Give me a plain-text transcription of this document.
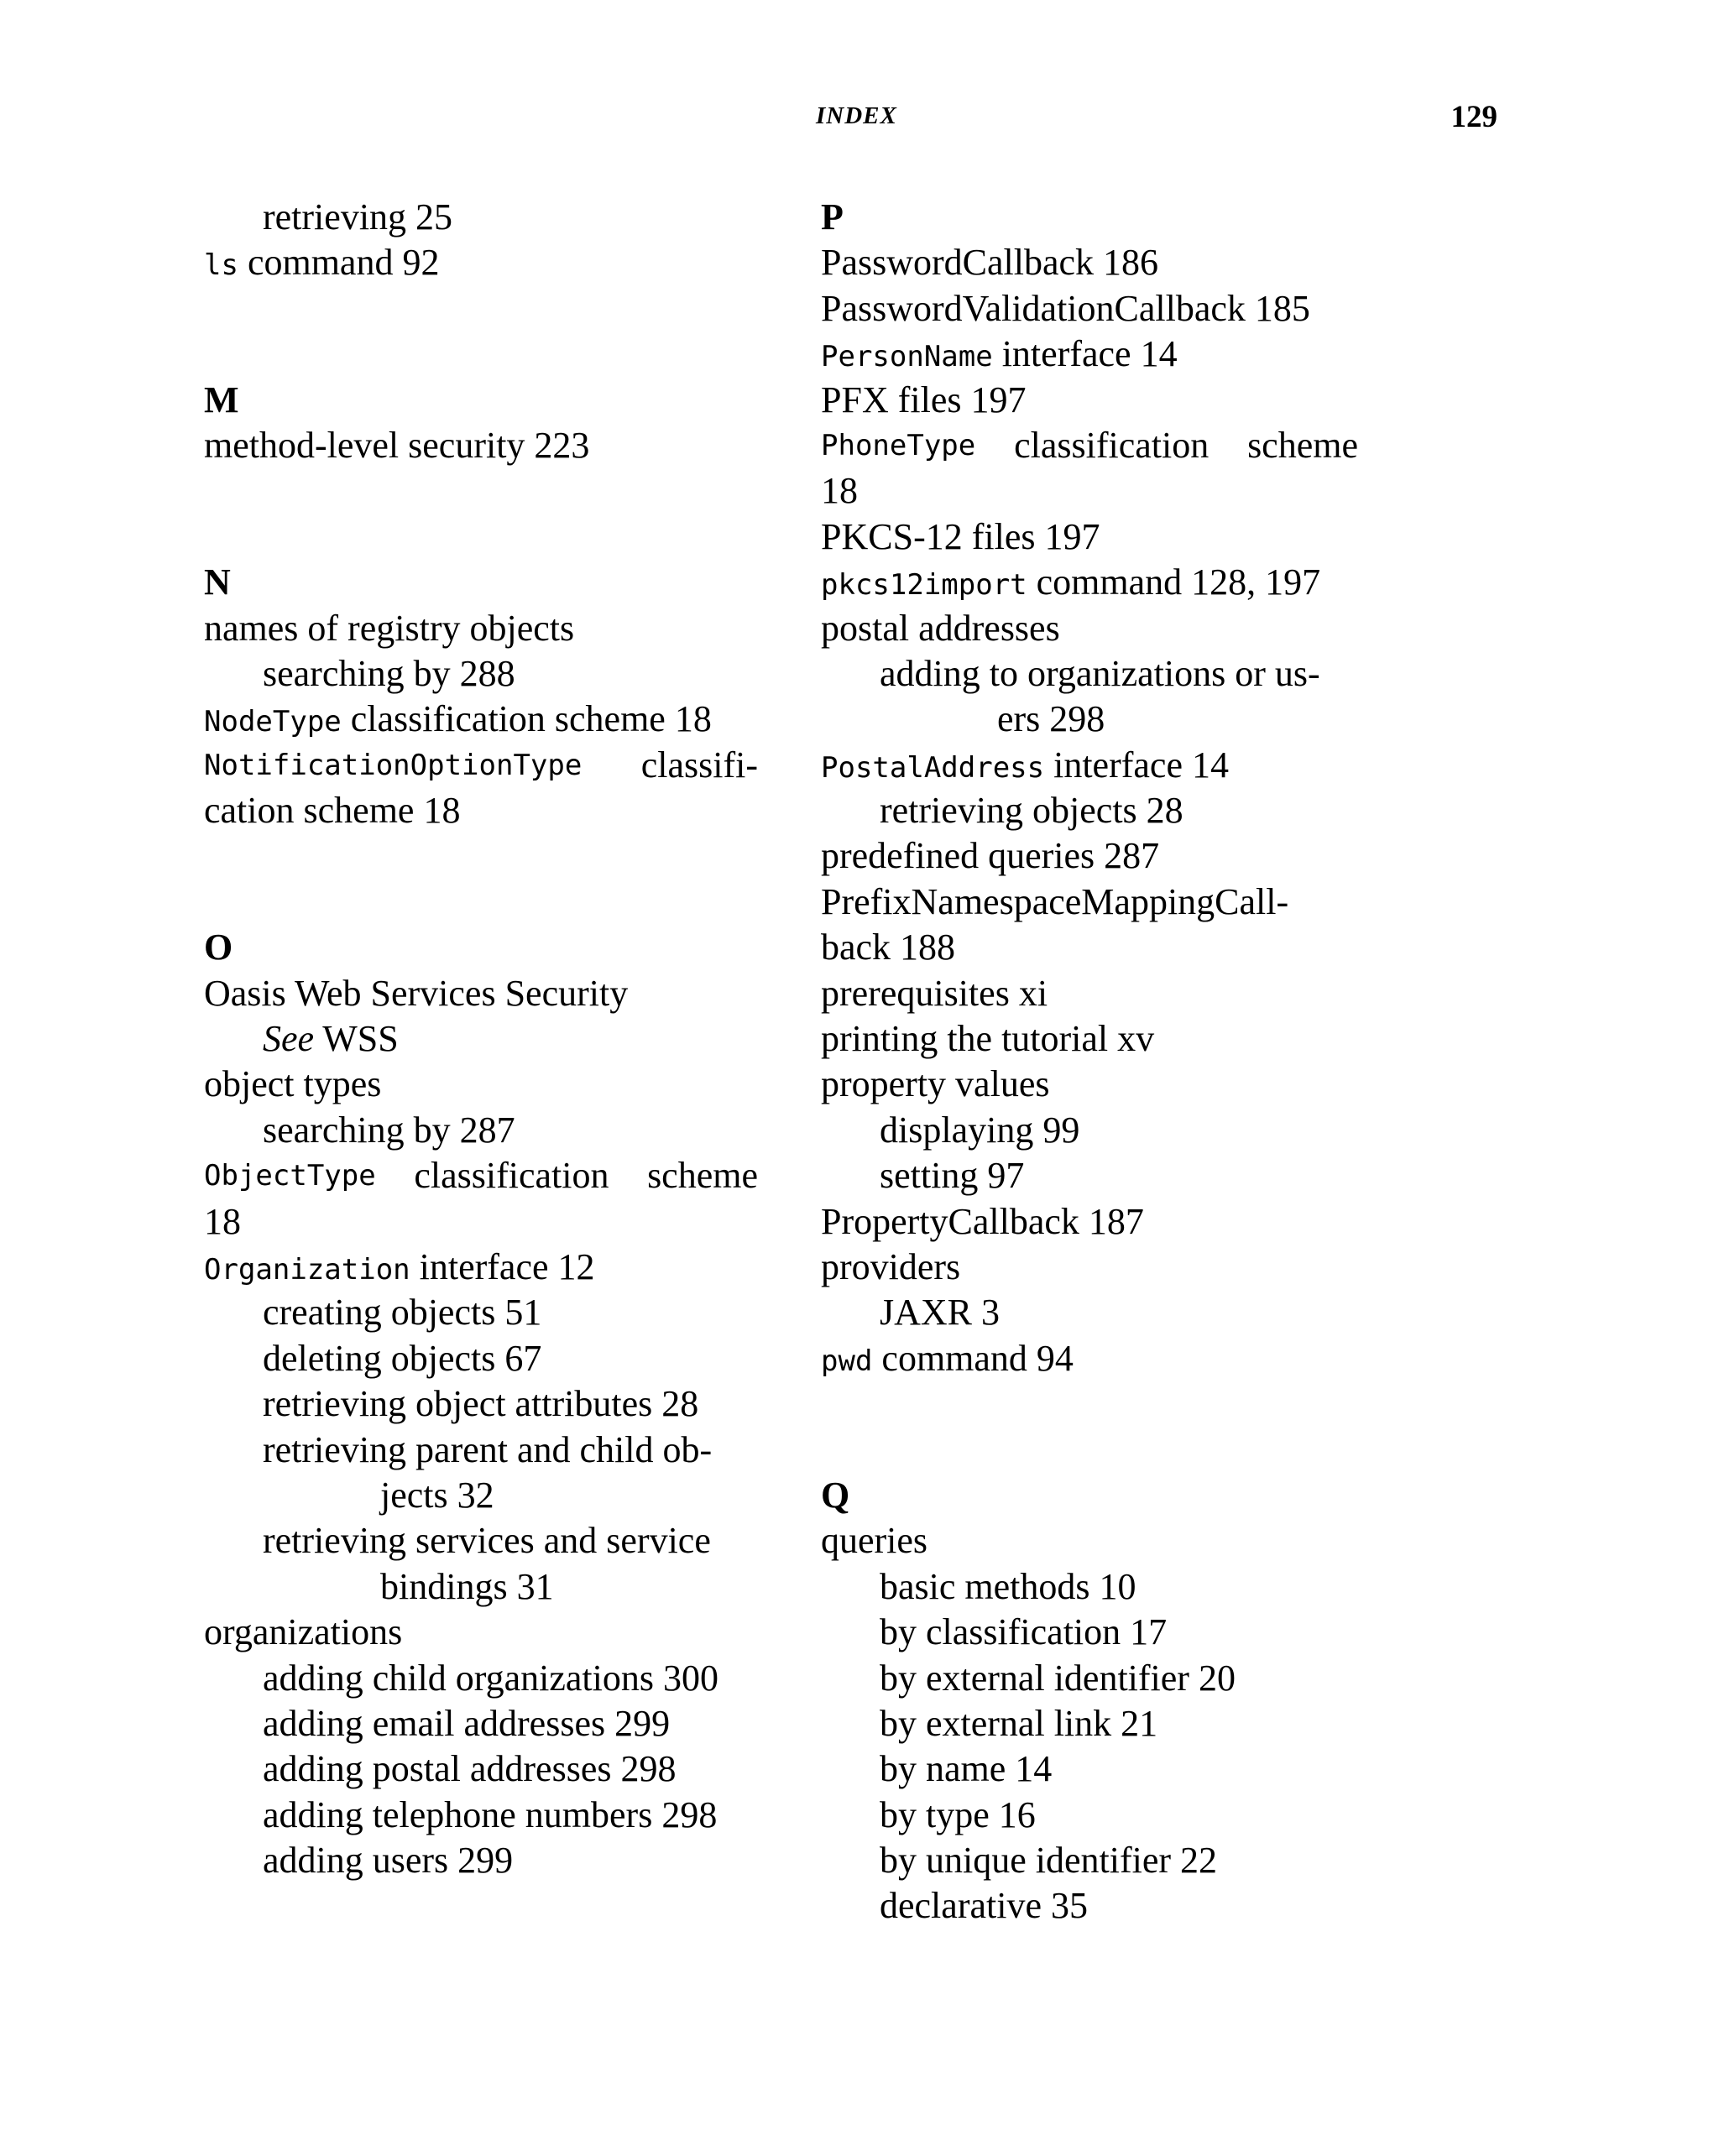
INDEX	129
retrieving 25
ls command 92
M
method-level security 223
N
names of registry objects
searching by 288
NodeType classification scheme 18
NotificationOptionType classifi-
cation scheme 18
O
Oasis Web Services Security
See WSS
object types
searching by 287
ObjectType classification scheme
18
Organization interface 12
creating objects 51
deleting objects 67
retrieving object attributes 28
retrieving parent and child ob-
jects 32
retrieving services and service
bindings 31
organizations
adding child organizations 300
adding email addresses 299
adding postal addresses 298
adding telephone numbers 298
adding users 299
P
PasswordCallback 186
PasswordValidationCallback 185
PersonName interface 14
PFX files 197
PhoneType classification scheme
18
PKCS-12 files 197
pkcs12import command 128, 197
postal addresses
adding to organizations or us-
ers 298
PostalAddress interface 14
retrieving objects 28
predefined queries 287
PrefixNamespaceMappingCall-
back 188
prerequisites xi
printing the tutorial xv
property values
displaying 99
setting 97
PropertyCallback 187
providers
JAXR 3
pwd command 94
Q
queries
basic methods 10
by classification 17
by external identifier 20
by external link 21
by name 14
by type 16
by unique identifier 22
declarative 35
